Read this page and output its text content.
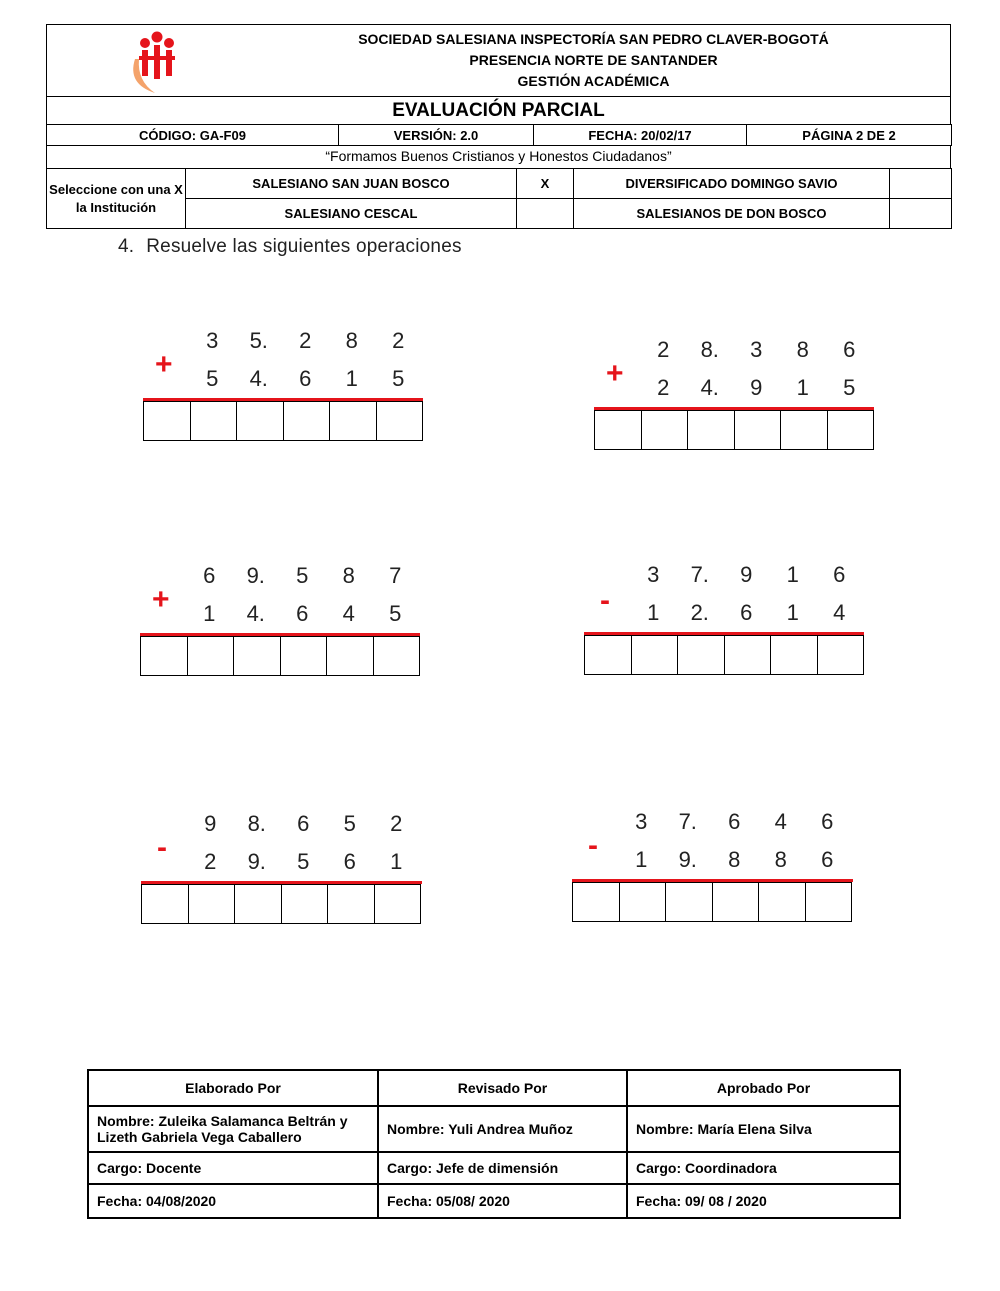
SOCIEDAD SALESIANA INSPECTORÍA SAN PEDRO CLAVER-BOGOTÁ
PRESENCIA NORTE DE SANTANDER
GESTIÓN ACADÉMICA
EVALUACIÓN PARCIAL
CÓDIGO: GA-F09	VERSIÓN: 2.0	FECHA: 20/02/17	PÁGINA 2 DE 2
“Formamos Buenos Cristianos y Honestos Ciudadanos”
Seleccione con una X la Institución	SALESIANO SAN JUAN BOSCO	X	DIVERSIFICADO DOMINGO SAVIO	
	SALESIANO CESCAL		SALESIANOS DE DON BOSCO	
4. Resuelve las siguientes operaciones
+
3	5.	2	8	2
5	4.	6	1	5	+
2	8.	3	8	6
2	4.	9	1	5
+
6	9.	5	8	7
1	4.	6	4	5	-
3	7.	9	1	6
1	2.	6	1	4
-
9	8.	6	5	2
2	9.	5	6	1	-
3	7.	6	4	6
1	9.	8	8	6
Elaborado Por	Revisado Por	Aprobado Por
Nombre: Zuleika Salamanca Beltrán y Lizeth Gabriela Vega Caballero	Nombre: Yuli Andrea Muñoz	Nombre: María Elena Silva
Cargo: Docente	Cargo: Jefe de dimensión	Cargo: Coordinadora
Fecha: 04/08/2020	Fecha: 05/08/ 2020	Fecha: 09/ 08 / 2020
